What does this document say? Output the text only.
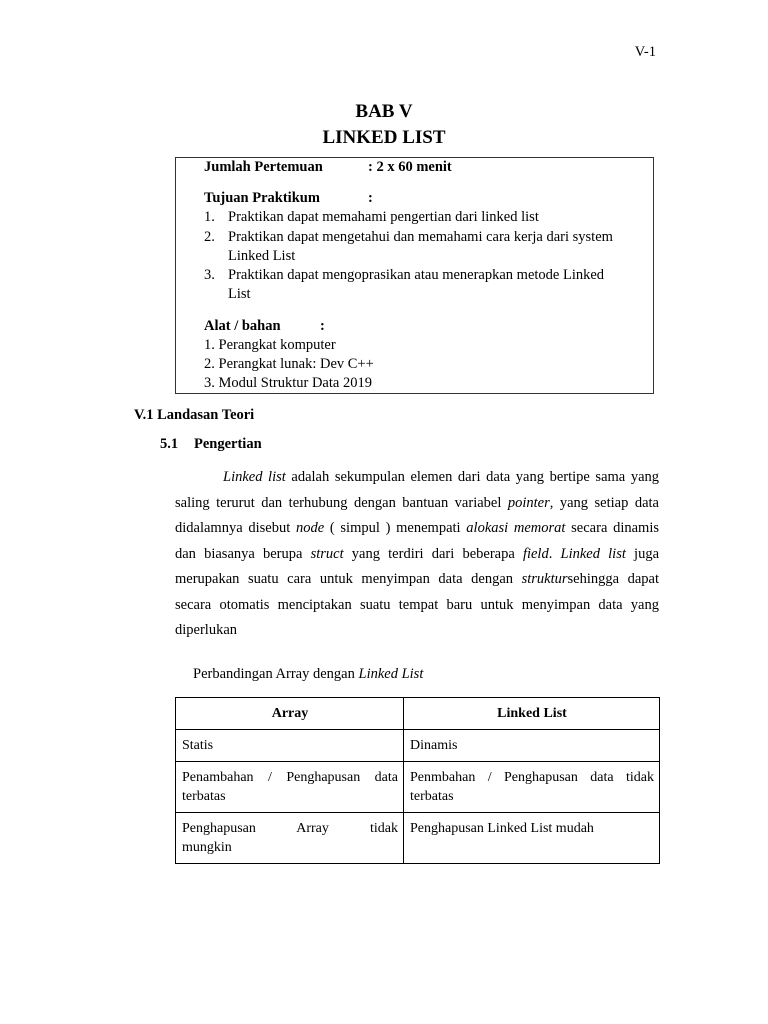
V-1
BAB V
LINKED LIST
Jumlah Pertemuan	: 2 x 60 menit
Tujuan Praktikum	:
1. Praktikan dapat memahami pengertian dari linked list
2. Praktikan dapat mengetahui dan memahami cara kerja dari system
Linked List
3. Praktikan dapat mengoprasikan atau menerapkan metode Linked
List
Alat / bahan	:
1. Perangkat komputer
2. Perangkat lunak: Dev C++
3. Modul Struktur Data 2019
V.1 Landasan Teori
5.1 Pengertian
Linked list adalah sekumpulan elemen dari data yang bertipe sama yang
saling terurut dan terhubung dengan bantuan variabel pointer, yang setiap data
didalamnya disebut node ( simpul ) menempati alokasi memorat secara dinamis
dan biasanya berupa struct yang terdiri dari beberapa field. Linked list juga
merupakan suatu cara untuk menyimpan data dengan struktursehingga dapat
secara otomatis menciptakan suatu tempat baru untuk menyimpan data yang
diperlukan
Perbandingan Array dengan Linked List
Array	Linked List
Statis	Dinamis
Penambahan / Penghapusan data terbatas	Penmbahan / Penghapusan data tidak terbatas

Penghapusan Array tidak
mungkin	Penghapusan Linked List mudah
